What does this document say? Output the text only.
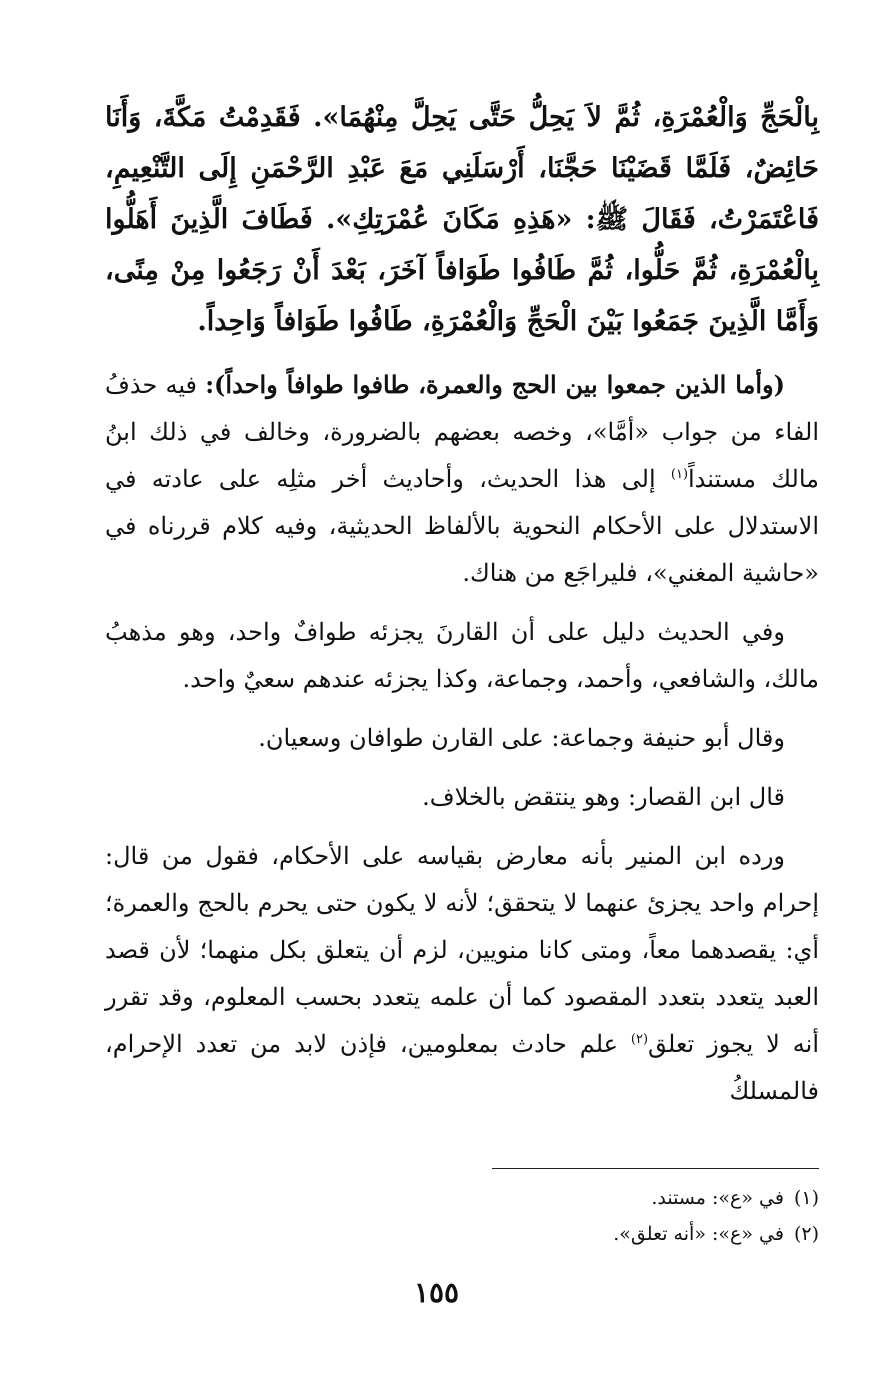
بِالْحَجِّ وَالْعُمْرَةِ، ثُمَّ لاَ يَحِلُّ حَتَّى يَحِلَّ مِنْهُمَا». فَقَدِمْتُ مَكَّةَ، وَأَنَا حَائِضٌ، فَلَمَّا قَضَيْنَا حَجَّنَا، أَرْسَلَنِي مَعَ عَبْدِ الرَّحْمَنِ إِلَى التَّنْعِيمِ، فَاعْتَمَرْتُ، فَقَالَ ﷺ: «هَذِهِ مَكَانَ عُمْرَتِكِ». فَطَافَ الَّذِينَ أَهَلُّوا بِالْعُمْرَةِ، ثُمَّ حَلُّوا، ثُمَّ طَافُوا طَوَافاً آخَرَ، بَعْدَ أَنْ رَجَعُوا مِنْ مِنًى، وَأَمَّا الَّذِينَ جَمَعُوا بَيْنَ الْحَجِّ وَالْعُمْرَةِ، طَافُوا طَوَافاً وَاحِداً.

(وأما الذين جمعوا بين الحج والعمرة، طافوا طوافاً واحداً): فيه حذفُ الفاء من جواب «أمَّا»، وخصه بعضهم بالضرورة، وخالف في ذلك ابنُ مالك مستنداً$^{(١)}$ إلى هذا الحديث، وأحاديث أخر مثلِه على عادته في الاستدلال على الأحكام النحوية بالألفاظ الحديثية، وفيه كلام قررناه في «حاشية المغني»، فليراجَع من هناك.

وفي الحديث دليل على أن القارنَ يجزئه طوافٌ واحد، وهو مذهبُ مالك، والشافعي، وأحمد، وجماعة، وكذا يجزئه عندهم سعيٌ واحد.

وقال أبو حنيفة وجماعة: على القارن طوافان وسعيان.

قال ابن القصار: وهو ينتقض بالخلاف.

ورده ابن المنير بأنه معارض بقياسه على الأحكام، فقول من قال: إحرام واحد يجزئ عنهما لا يتحقق؛ لأنه لا يكون حتى يحرم بالحج والعمرة؛ أي: يقصدهما معاً، ومتى كانا منويين، لزم أن يتعلق بكل منهما؛ لأن قصد العبد يتعدد بتعدد المقصود كما أن علمه يتعدد بحسب المعلوم، وقد تقرر أنه لا يجوز تعلق$^{(٢)}$ علم حادث بمعلومين، فإذن لابد من تعدد الإحرام، فالمسلكُ

(١)في «ع»: مستند.

(٢)في «ع»: «أنه تعلق».

١٥٥
